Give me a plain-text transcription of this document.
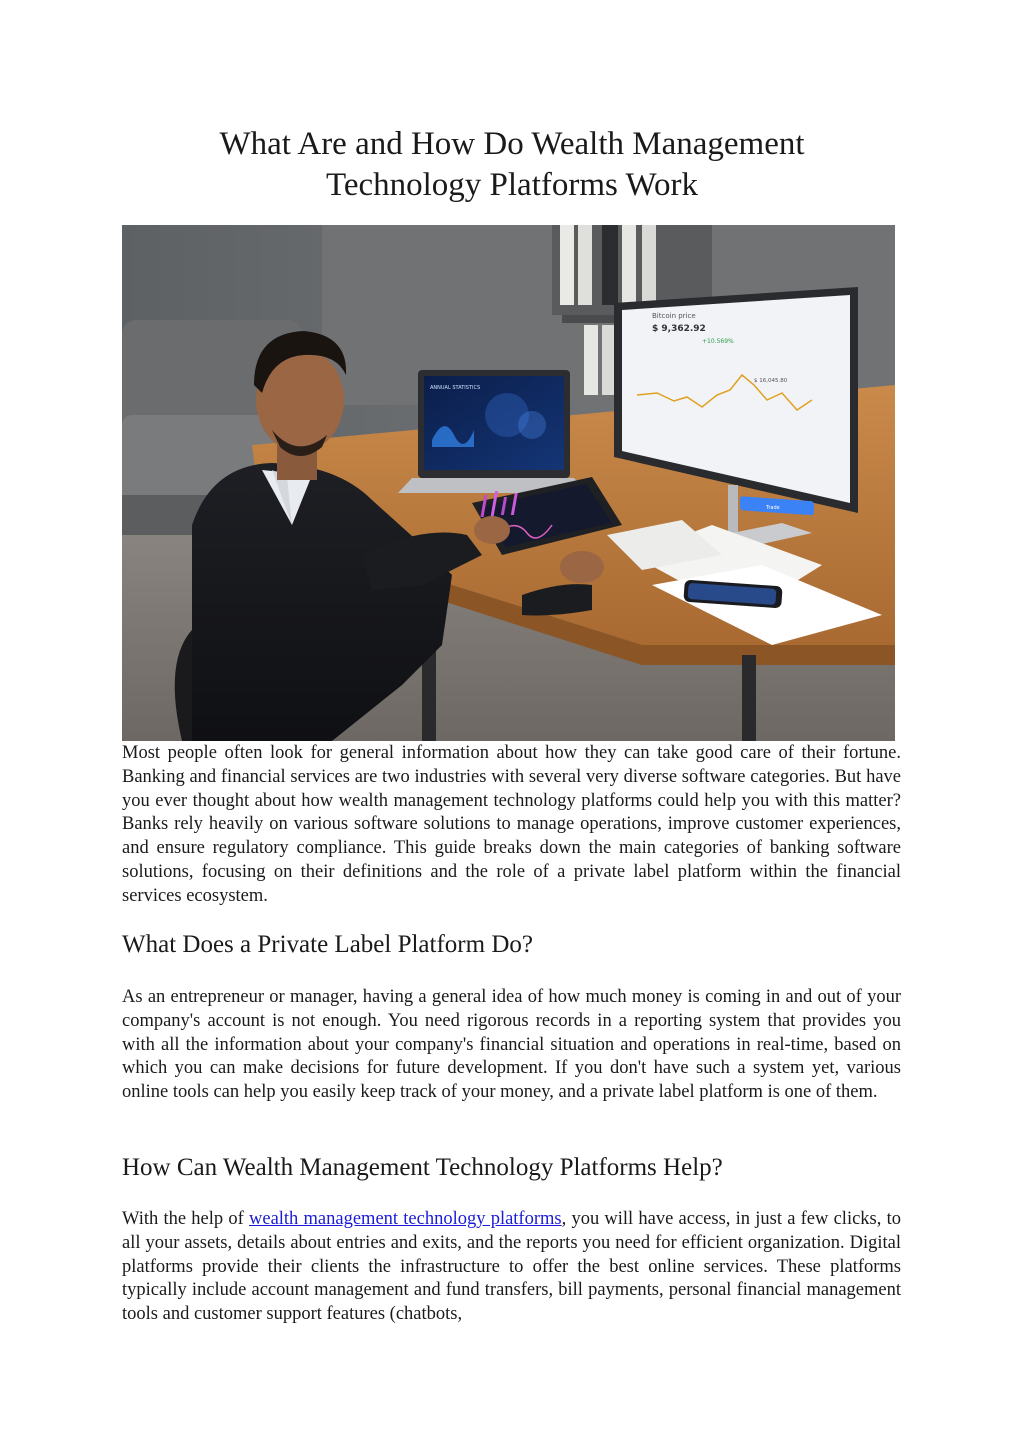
What Are and How Do Wealth Management
Technology Platforms Work
ANNUAL STATISTICS
Bitcoin price
$ 9,362.92
+10.569%
$ 16,045.80
Trade

Most people often look for general information about how they can take good care of their fortune. Banking and financial services are two industries with several very diverse software categories. But have you ever thought about how wealth management technology platforms could help you with this matter? Banks rely heavily on various software solutions to manage operations, improve customer experiences, and ensure regulatory compliance. This guide breaks down the main categories of banking software solutions, focusing on their definitions and the role of a private label platform within the financial services ecosystem.

What Does a Private Label Platform Do?

As an entrepreneur or manager, having a general idea of how much money is coming in and out of your company's account is not enough. You need rigorous records in a reporting system that provides you with all the information about your company's financial situation and operations in real-time, based on which you can make decisions for future development. If you don't have such a system yet, various online tools can help you easily keep track of your money, and a private label platform is one of them.

How Can Wealth Management Technology Platforms Help?

With the help of wealth management technology platforms, you will have access, in just a few clicks, to all your assets, details about entries and exits, and the reports you need for efficient organization. Digital platforms provide their clients the infrastructure to offer the best online services. These platforms typically include account management and fund transfers, bill payments, personal financial management tools and customer support features (chatbots,
